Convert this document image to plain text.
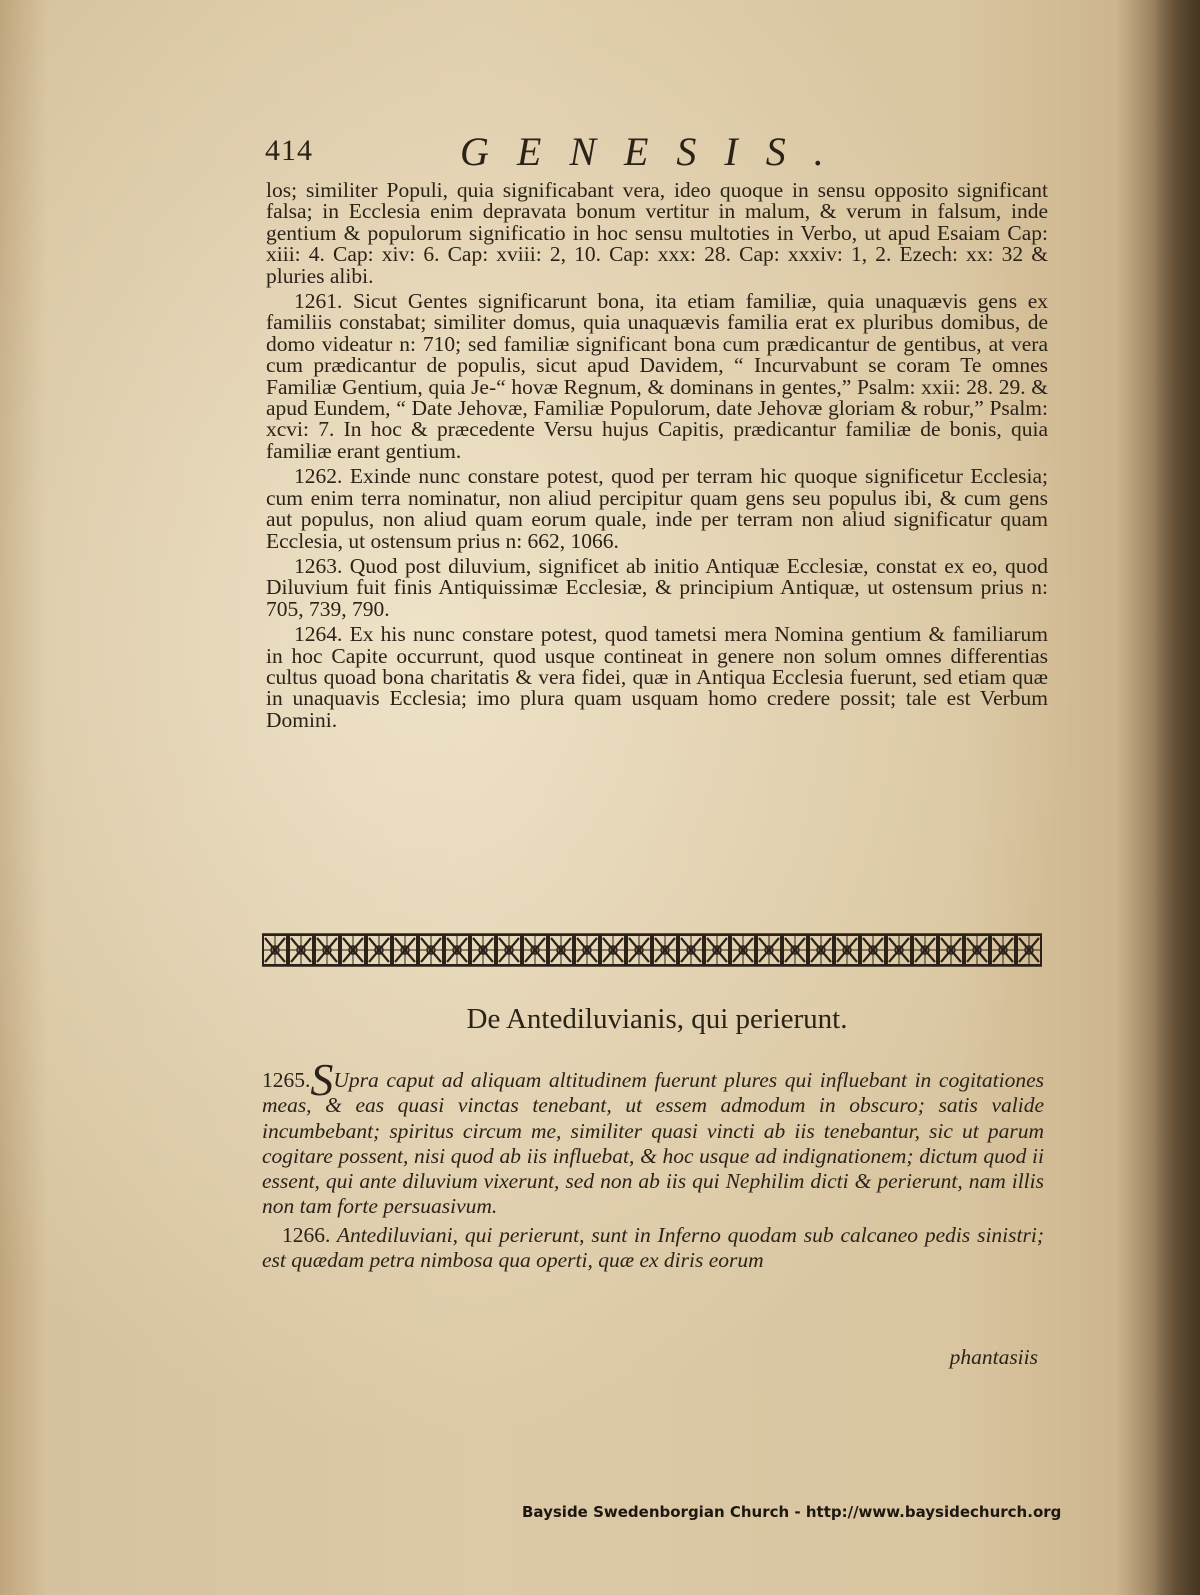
414	GENESIS.

los; similiter Populi, quia significabant vera, ideo quoque in sensu opposito significant falsa; in Ecclesia enim depravata bonum vertitur in malum, & verum in falsum, inde gentium & populorum significatio in hoc sensu multoties in Verbo, ut apud Esaiam Cap: xiii: 4. Cap: xiv: 6. Cap: xviii: 2, 10. Cap: xxx: 28. Cap: xxxiv: 1, 2. Ezech: xx: 32 & pluries alibi.

1261. Sicut Gentes significarunt bona, ita etiam familiæ, quia unaquævis gens ex familiis constabat; similiter domus, quia unaquævis familia erat ex pluribus domibus, de domo videatur n: 710; sed familiæ significant bona cum prædicantur de gentibus, at vera cum prædicantur de populis, sicut apud Davidem, “ Incurvabunt se coram Te omnes Familiæ Gentium, quia Je-“ hovæ Regnum, & dominans in gentes,” Psalm: xxii: 28. 29. & apud Eundem, “ Date Jehovæ, Familiæ Populorum, date Jehovæ gloriam & robur,” Psalm: xcvi: 7. In hoc & præcedente Versu hujus Capitis, prædicantur familiæ de bonis, quia familiæ erant gentium.

1262. Exinde nunc constare potest, quod per terram hic quoque significetur Ecclesia; cum enim terra nominatur, non aliud percipitur quam gens seu populus ibi, & cum gens aut populus, non aliud quam eorum quale, inde per terram non aliud significatur quam Ecclesia, ut ostensum prius n: 662, 1066.

1263. Quod post diluvium, significet ab initio Antiquæ Ecclesiæ, constat ex eo, quod Diluvium fuit finis Antiquissimæ Ecclesiæ, & principium Antiquæ, ut ostensum prius n: 705, 739, 790.

1264. Ex his nunc constare potest, quod tametsi mera Nomina gentium & familiarum in hoc Capite occurrunt, quod usque contineat in genere non solum omnes differentias cultus quoad bona charitatis & vera fidei, quæ in Antiqua Ecclesia fuerunt, sed etiam quæ in unaquavis Ecclesia; imo plura quam usquam homo credere possit; tale est Verbum Domini.

De Antediluvianis, qui perierunt.

1265.SUpra caput ad aliquam altitudinem fuerunt plures qui influebant in cogitationes meas, & eas quasi vinctas tenebant, ut essem admodum in obscuro; satis valide incumbebant; spiritus circum me, similiter quasi vincti ab iis tenebantur, sic ut parum cogitare possent, nisi quod ab iis influebat, & hoc usque ad indignationem; dictum quod ii essent, qui ante diluvium vixerunt, sed non ab iis qui Nephilim dicti & perierunt, nam illis non tam forte persuasivum.

1266. Antediluviani, qui perierunt, sunt in Inferno quodam sub calcaneo pedis sinistri; est quædam petra nimbosa qua operti, quæ ex diris eorum

phantasiis
Bayside Swedenborgian Church - http://www.baysidechurch.org
